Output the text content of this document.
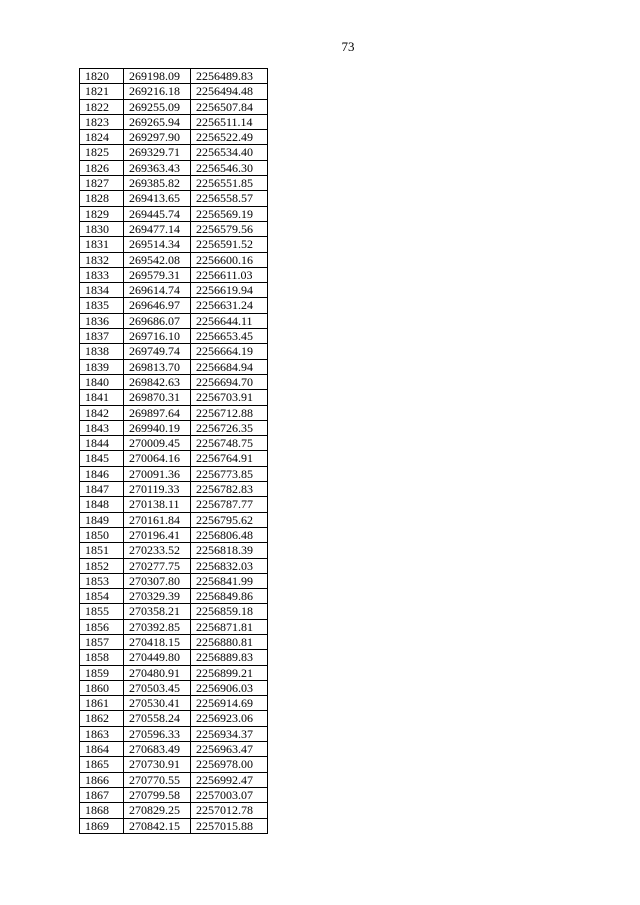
73
1820	269198.09	2256489.83
1821	269216.18	2256494.48
1822	269255.09	2256507.84
1823	269265.94	2256511.14
1824	269297.90	2256522.49
1825	269329.71	2256534.40
1826	269363.43	2256546.30
1827	269385.82	2256551.85
1828	269413.65	2256558.57
1829	269445.74	2256569.19
1830	269477.14	2256579.56
1831	269514.34	2256591.52
1832	269542.08	2256600.16
1833	269579.31	2256611.03
1834	269614.74	2256619.94
1835	269646.97	2256631.24
1836	269686.07	2256644.11
1837	269716.10	2256653.45
1838	269749.74	2256664.19
1839	269813.70	2256684.94
1840	269842.63	2256694.70
1841	269870.31	2256703.91
1842	269897.64	2256712.88
1843	269940.19	2256726.35
1844	270009.45	2256748.75
1845	270064.16	2256764.91
1846	270091.36	2256773.85
1847	270119.33	2256782.83
1848	270138.11	2256787.77
1849	270161.84	2256795.62
1850	270196.41	2256806.48
1851	270233.52	2256818.39
1852	270277.75	2256832.03
1853	270307.80	2256841.99
1854	270329.39	2256849.86
1855	270358.21	2256859.18
1856	270392.85	2256871.81
1857	270418.15	2256880.81
1858	270449.80	2256889.83
1859	270480.91	2256899.21
1860	270503.45	2256906.03
1861	270530.41	2256914.69
1862	270558.24	2256923.06
1863	270596.33	2256934.37
1864	270683.49	2256963.47
1865	270730.91	2256978.00
1866	270770.55	2256992.47
1867	270799.58	2257003.07
1868	270829.25	2257012.78
1869	270842.15	2257015.88
